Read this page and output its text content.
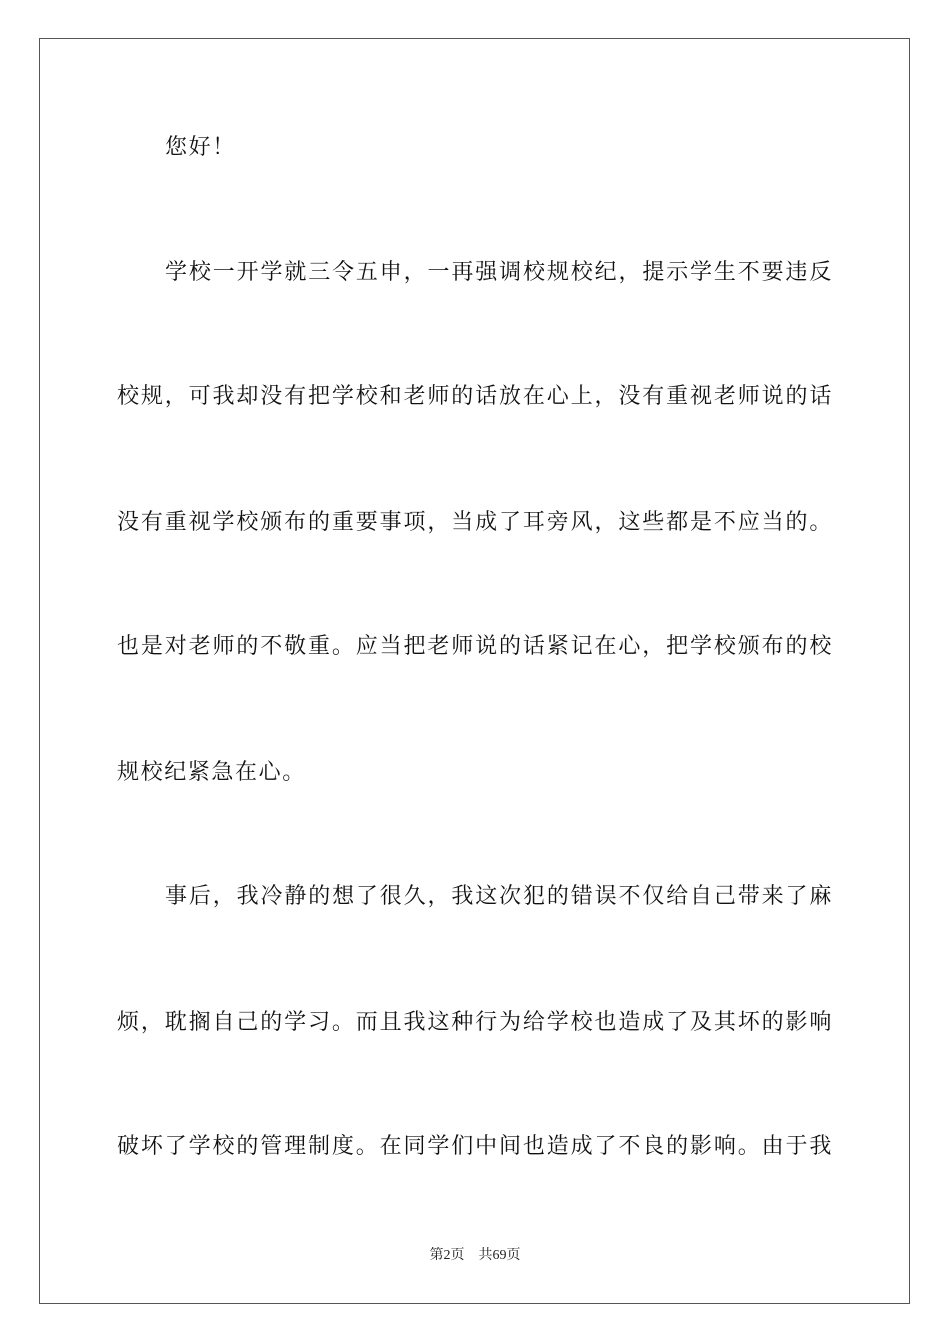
您好！
学校一开学就三令五申，一再强调校规校纪，提示学生不要违反
校规，可我却没有把学校和老师的话放在心上，没有重视老师说的话
没有重视学校颁布的重要事项，当成了耳旁风，这些都是不应当的。
也是对老师的不敬重。应当把老师说的话紧记在心，把学校颁布的校
规校纪紧急在心。
事后，我冷静的想了很久，我这次犯的错误不仅给自己带来了麻
烦，耽搁自己的学习。而且我这种行为给学校也造成了及其坏的影响
破坏了学校的管理制度。在同学们中间也造成了不良的影响。由于我
第2页 共69页
